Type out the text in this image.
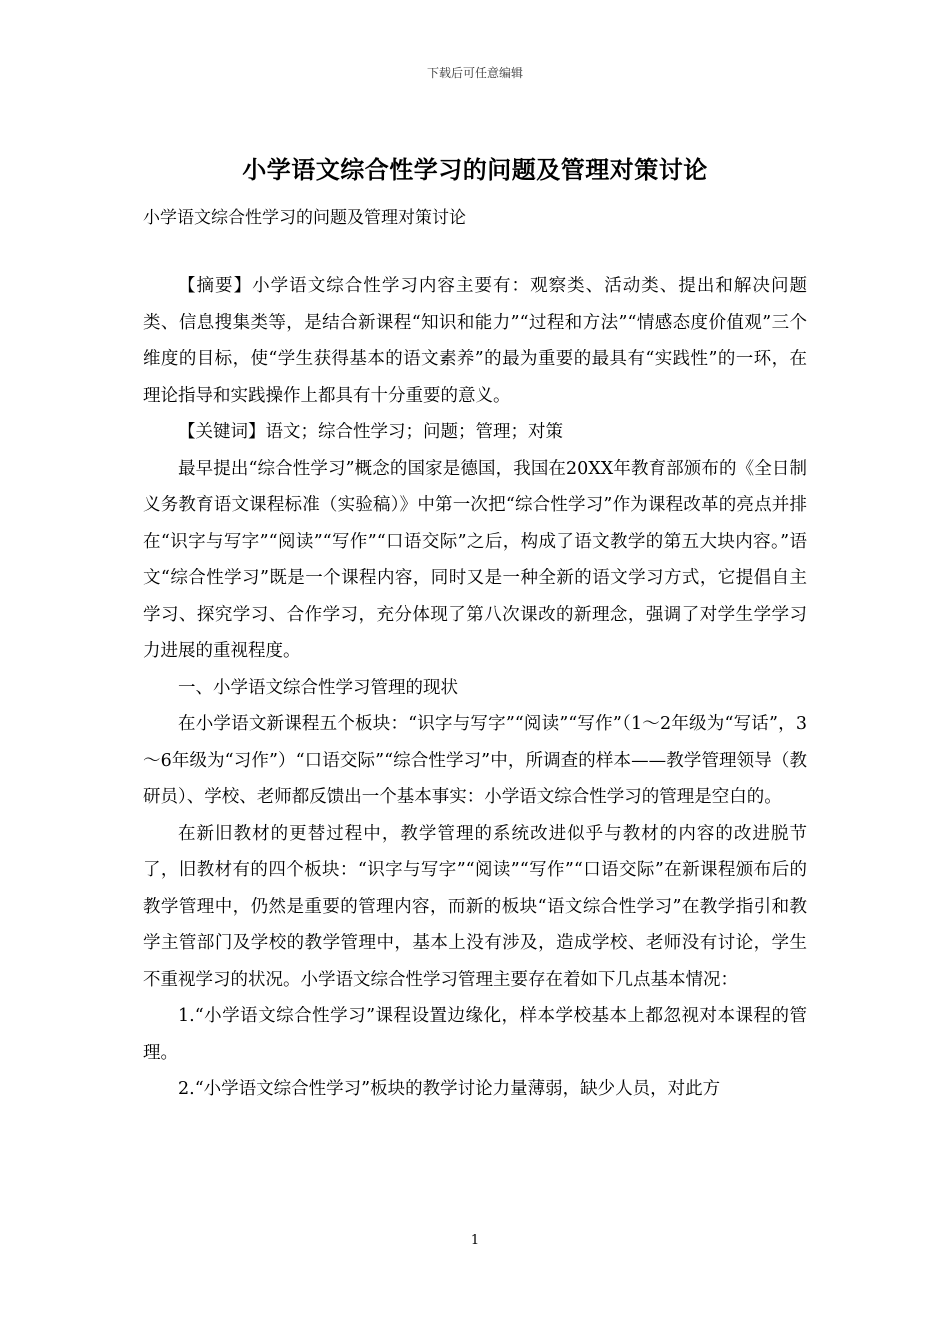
下载后可任意编辑
小学语文综合性学习的问题及管理对策讨论
小学语文综合性学习的问题及管理对策讨论

【摘要】小学语文综合性学习内容主要有：观察类、活动类、提出和解决问题类、信息搜集类等，是结合新课程“知识和能力”“过程和方法”“情感态度价值观”三个维度的目标，使“学生获得基本的语文素养”的最为重要的最具有“实践性”的一环，在理论指导和实践操作上都具有十分重要的意义。

【关键词】语文；综合性学习；问题；管理；对策

最早提出“综合性学习”概念的国家是德国，我国在20XX年教育部颁布的《全日制义务教育语文课程标准（实验稿）》中第一次把“综合性学习”作为课程改革的亮点并排在“识字与写字”“阅读”“写作”“口语交际”之后，构成了语文教学的第五大块内容。”语文“综合性学习”既是一个课程内容，同时又是一种全新的语文学习方式，它提倡自主学习、探究学习、合作学习，充分体现了第八次课改的新理念，强调了对学生学学习力进展的重视程度。

一、小学语文综合性学习管理的现状

在小学语文新课程五个板块：“识字与写字”“阅读”“写作”（1～2年级为“写话”，3～6年级为“习作”）“口语交际”“综合性学习”中，所调查的样本——教学管理领导（教研员）、学校、老师都反馈出一个基本事实：小学语文综合性学习的管理是空白的。

在新旧教材的更替过程中，教学管理的系统改进似乎与教材的内容的改进脱节了，旧教材有的四个板块：“识字与写字”“阅读”“写作”“口语交际”在新课程颁布后的教学管理中，仍然是重要的管理内容，而新的板块“语文综合性学习”在教学指引和教学主管部门及学校的教学管理中，基本上没有涉及，造成学校、老师没有讨论，学生不重视学习的状况。小学语文综合性学习管理主要存在着如下几点基本情况：

1.“小学语文综合性学习”课程设置边缘化，样本学校基本上都忽视对本课程的管理。

2.“小学语文综合性学习”板块的教学讨论力量薄弱，缺少人员，对此方

1
